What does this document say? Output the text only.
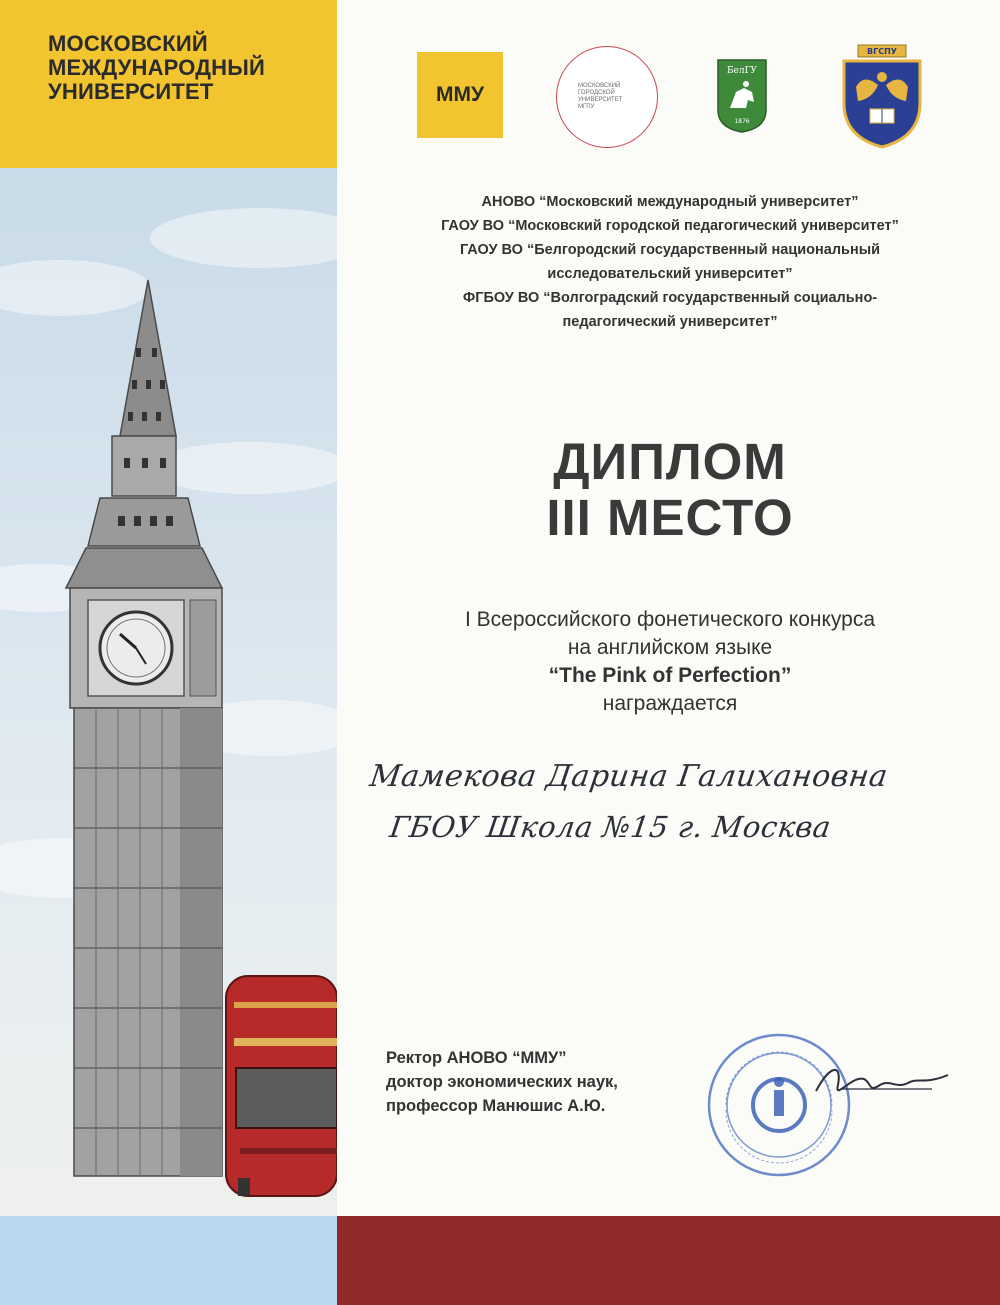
МОСКОВСКИЙ
МЕЖДУНАРОДНЫЙ
УНИВЕРСИТЕТ	ММУ	МОСКОВСКИЙ ГОРОДСКОЙ УНИВЕРСИТЕТ МГПУ
БелГУ
1876
ВГСПУ

АНОВО “Московский международный университет”

ГАОУ ВО “Московский городской педагогический университет”

ГАОУ ВО “Белгородский государственный национальный

исследовательский университет”

ФГБОУ ВО “Волгоградский государственный социально-

педагогический университет”

ДИПЛОМ
III МЕСТО

I Всероссийского фонетического конкурса

на английском языке

“The Pink of Perfection”

награждается

Мамекова Дарина Галихановна

ГБОУ Школа №15 г. Москва

Ректор АНОВО “ММУ”

доктор экономических наук,

профессор Манюшис А.Ю.
